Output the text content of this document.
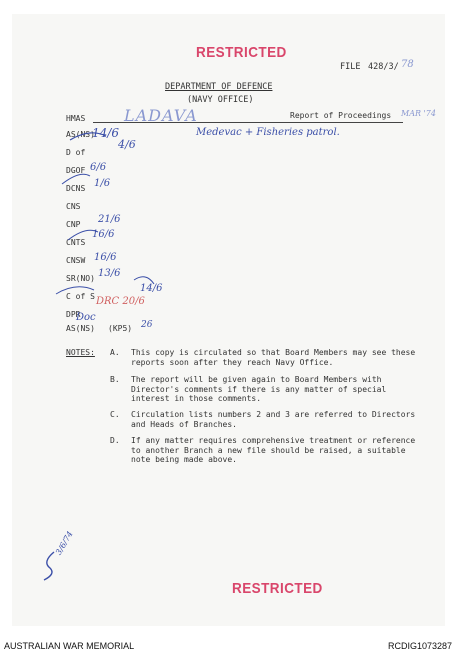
RESTRICTED
FILE 428/3/ 78
DEPARTMENT OF DEFENCE
(NAVY OFFICE)
HMAS LADAVA	Report of Proceedings MAR '74
Medevac + Fisheries patrol.
AS(NS)
D of
DGOF
DCNS
CNS
CNP
CNTS
CNSW
SR(NO)
C of S
DPR
AS(NS)
14/6
4/6
6/6
1/6
21/6
16/6
16/6
13/6
14/6
DRC 20/6
Doc
(KP5) 26
NOTES: A. This copy is circulated so that Board Members may see these reports soon after they reach Navy Office.
B. The report will be given again to Board Members with Director's comments if there is any matter of special interest in those comments.
C. Circulation lists numbers 2 and 3 are referred to Directors and Heads of Branches.
D. If any matter requires comprehensive treatment or reference to another Branch a new file should be raised, a suitable note being made above.
3/6/74
RESTRICTED
AUSTRALIAN WAR MEMORIAL	RCDIG1073287
